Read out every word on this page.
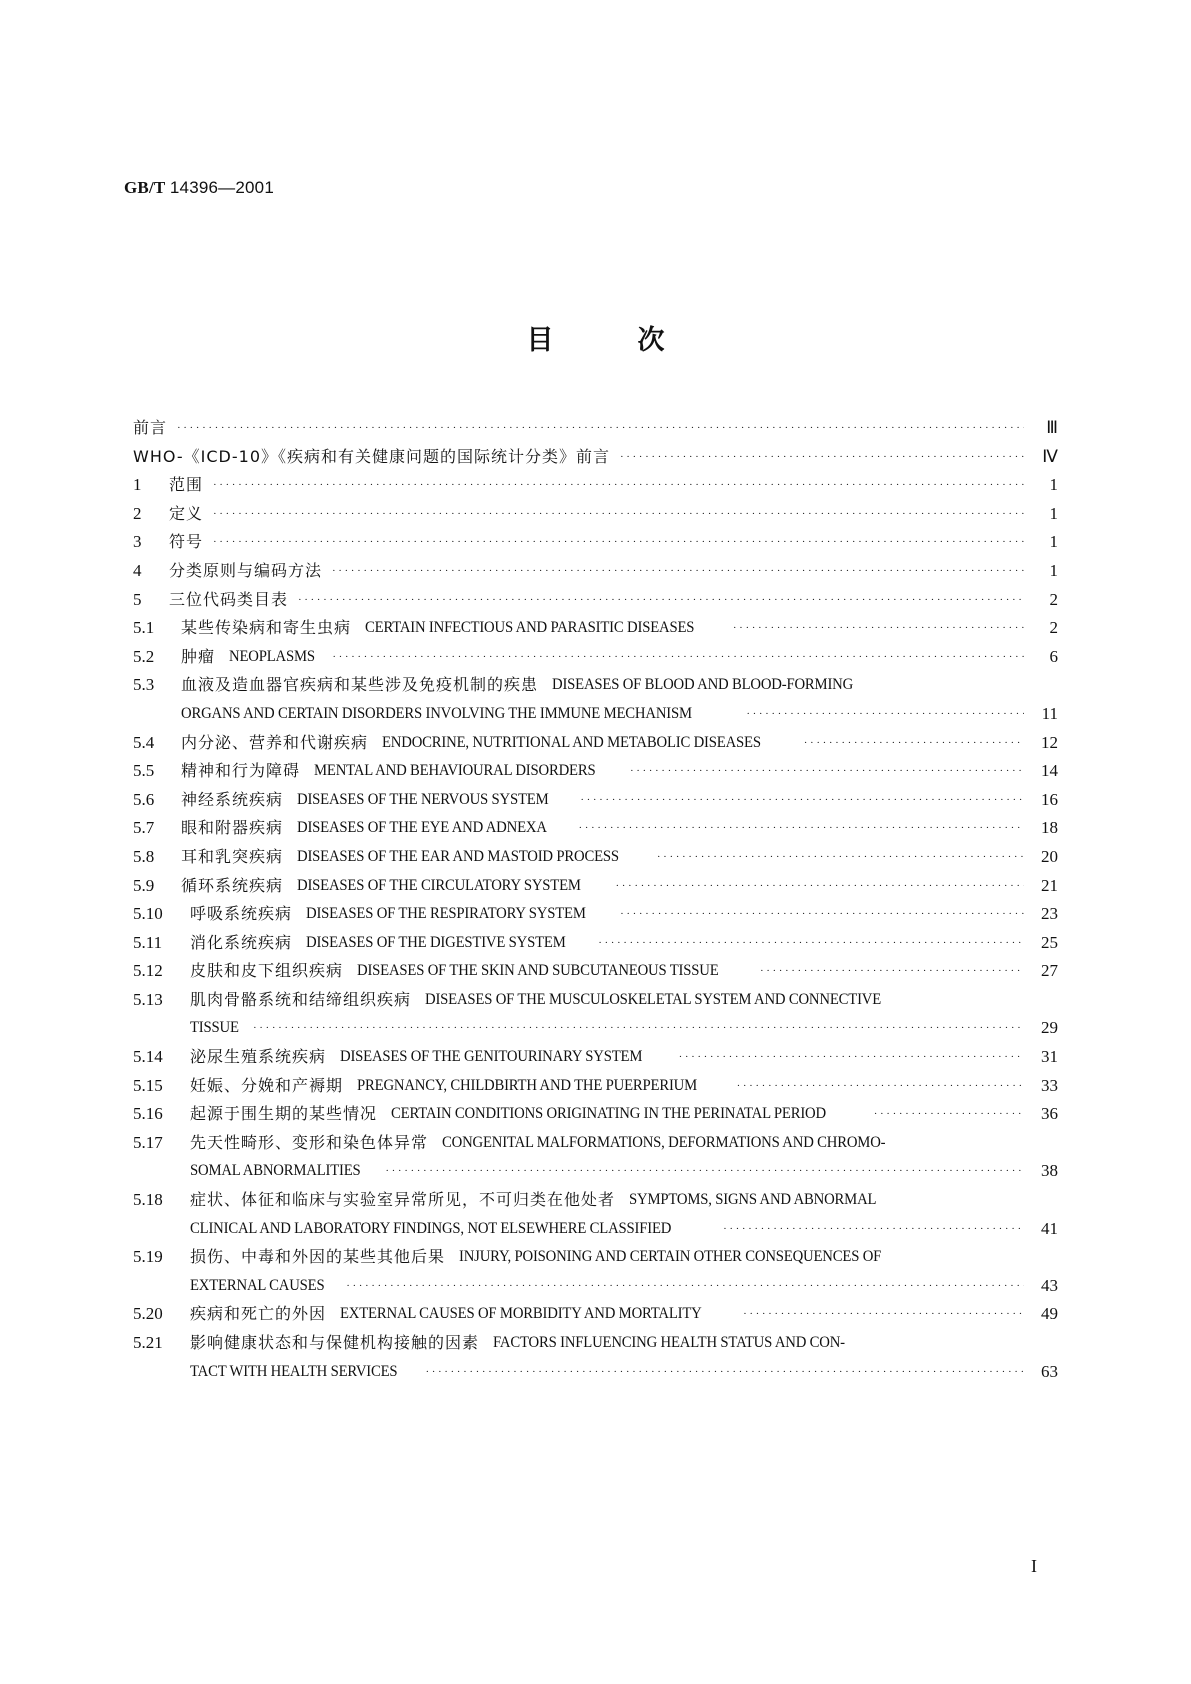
GB/T 14396—2001
目	次
前言 ·····	Ⅲ
WHO-《ICD-10》《疾病和有关健康问题的国际统计分类》前言 ·····	Ⅳ
1 范围 ·····	1
2 定义 ·····	1
3 符号 ·····	1
4 分类原则与编码方法 ·····	1
5 三位代码类目表 ·····	2
5.1 某些传染病和寄生虫病 CERTAIN INFECTIOUS AND PARASITIC DISEASES ·····	2
5.2 肿瘤 NEOPLASMS ·····	6
5.3 血液及造血器官疾病和某些涉及免疫机制的疾患 DISEASES OF BLOOD AND BLOOD-FORMING
ORGANS AND CERTAIN DISORDERS INVOLVING THE IMMUNE MECHANISM ·····	11
5.4 内分泌、营养和代谢疾病 ENDOCRINE, NUTRITIONAL AND METABOLIC DISEASES ·····	12
5.5 精神和行为障碍 MENTAL AND BEHAVIOURAL DISORDERS ·····	14
5.6 神经系统疾病 DISEASES OF THE NERVOUS SYSTEM ·····	16
5.7 眼和附器疾病 DISEASES OF THE EYE AND ADNEXA ·····	18
5.8 耳和乳突疾病 DISEASES OF THE EAR AND MASTOID PROCESS ·····	20
5.9 循环系统疾病 DISEASES OF THE CIRCULATORY SYSTEM ·····	21
5.10 呼吸系统疾病 DISEASES OF THE RESPIRATORY SYSTEM ·····	23
5.11 消化系统疾病 DISEASES OF THE DIGESTIVE SYSTEM ·····	25
5.12 皮肤和皮下组织疾病 DISEASES OF THE SKIN AND SUBCUTANEOUS TISSUE ·····	27
5.13 肌肉骨骼系统和结缔组织疾病 DISEASES OF THE MUSCULOSKELETAL SYSTEM AND CONNECTIVE
TISSUE ·····	29
5.14 泌尿生殖系统疾病 DISEASES OF THE GENITOURINARY SYSTEM ·····	31
5.15 妊娠、分娩和产褥期 PREGNANCY, CHILDBIRTH AND THE PUERPERIUM ·····	33
5.16 起源于围生期的某些情况 CERTAIN CONDITIONS ORIGINATING IN THE PERINATAL PERIOD ·····	36
5.17 先天性畸形、变形和染色体异常 CONGENITAL MALFORMATIONS, DEFORMATIONS AND CHROMO-
SOMAL ABNORMALITIES ·····	38
5.18 症状、体征和临床与实验室异常所见，不可归类在他处者 SYMPTOMS, SIGNS AND ABNORMAL
CLINICAL AND LABORATORY FINDINGS, NOT ELSEWHERE CLASSIFIED ·····	41
5.19 损伤、中毒和外因的某些其他后果 INJURY, POISONING AND CERTAIN OTHER CONSEQUENCES OF
EXTERNAL CAUSES ·····	43
5.20 疾病和死亡的外因 EXTERNAL CAUSES OF MORBIDITY AND MORTALITY ·····	49
5.21 影响健康状态和与保健机构接触的因素 FACTORS INFLUENCING HEALTH STATUS AND CON-
TACT WITH HEALTH SERVICES ·····	63
I
